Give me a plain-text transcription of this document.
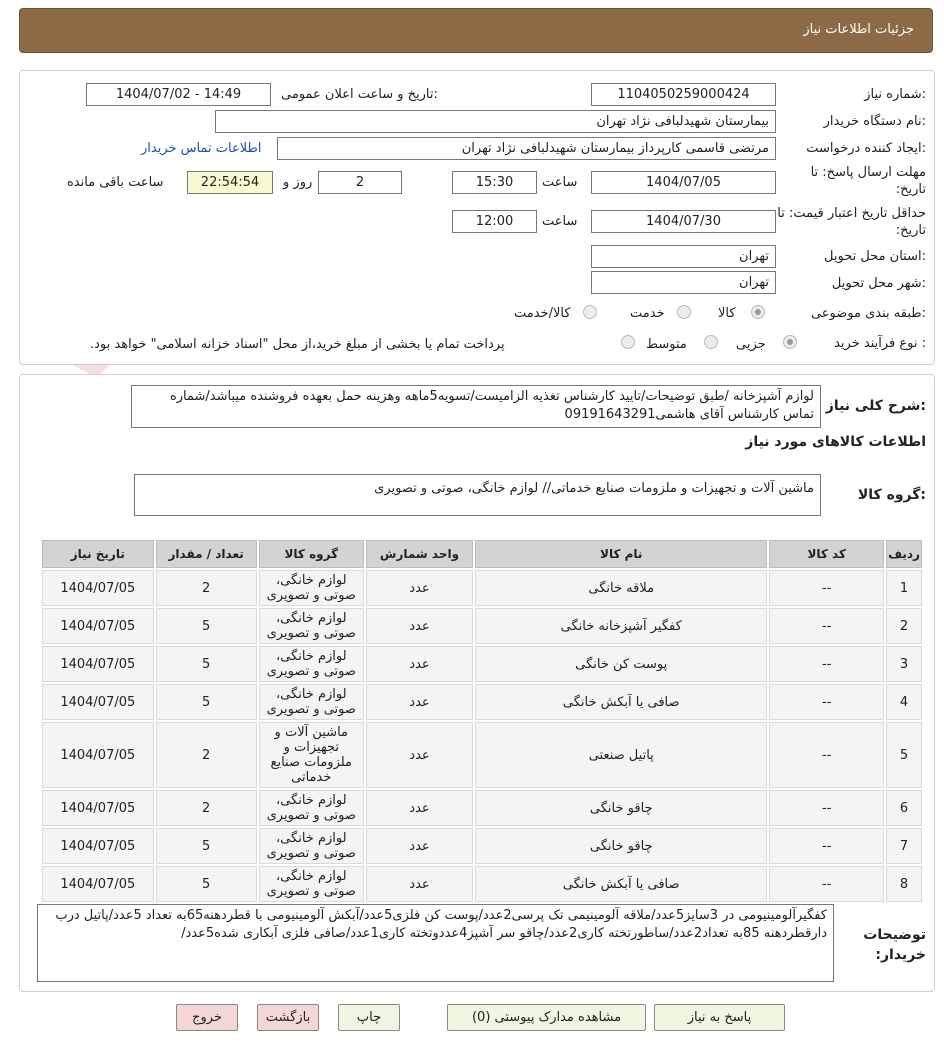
جزئیات اطلاعات نیاز
شماره نیاز:
1104050259000424
تاریخ و ساعت اعلان عمومی:
1404/07/02 - 14:49
نام دستگاه خریدار:
بیمارستان شهیدلبافی نژاد تهران
ایجاد کننده درخواست:
مرتضی قاسمی کارپرداز بیمارستان شهیدلبافی نژاد تهران
اطلاعات تماس خریدار
مهلت ارسال پاسخ: تا تاریخ:
1404/07/05
ساعت
15:30
2
روز و
22:54:54
ساعت باقی مانده
حداقل تاریخ اعتبار قیمت: تا تاریخ:
1404/07/30
ساعت
12:00
استان محل تحویل:
تهران
شهر محل تحویل:
تهران
طبقه بندی موضوعی:
کالا
خدمت
کالا/خدمت
نوع فرآیند خرید :
جزیی
متوسط
پرداخت تمام یا بخشی از مبلغ خرید،از محل "اسناد خزانه اسلامی" خواهد بود.
شرح کلی نیاز:
لوازم آشپزخانه /طبق توضیحات/تایید کارشناس تغذیه الزامیست/تسویه5ماهه وهزینه حمل بعهده فروشنده میباشد/شماره تماس کارشناس آقای هاشمی09191643291
اطلاعات کالاهای مورد نیاز
گروه کالا:
ماشین آلات و تجهیزات و ملزومات صنایع خدماتی// لوازم خانگی، صوتی و تصویری
ردیف	کد کالا	نام کالا	واحد شمارش	گروه کالا	تعداد / مقدار	تاریخ نیاز
1	--	ملاقه خانگی	عدد	لوازم خانگی، صوتی و تصویری	2	1404/07/05
2	--	کفگیر آشپزخانه خانگی	عدد	لوازم خانگی، صوتی و تصویری	5	1404/07/05
3	--	پوست کن خانگی	عدد	لوازم خانگی، صوتی و تصویری	5	1404/07/05
4	--	صافی یا آبکش خانگی	عدد	لوازم خانگی، صوتی و تصویری	5	1404/07/05
5	--	پاتیل صنعتی	عدد	ماشین آلات و تجهیزات و ملزومات صنایع خدماتی	2	1404/07/05
6	--	چاقو خانگی	عدد	لوازم خانگی، صوتی و تصویری	2	1404/07/05
7	--	چاقو خانگی	عدد	لوازم خانگی، صوتی و تصویری	5	1404/07/05
8	--	صافی یا آبکش خانگی	عدد	لوازم خانگی، صوتی و تصویری	5	1404/07/05
توضیحات خریدار:
کفگیرآلومینیومی در 3سایز5عدد/ملاقه آلومینیمی تک پرسی2عدد/پوست کن فلزی5عدد/آبکش آلومینیومی با قطردهنه65به تعداد 5عدد/پاتیل درب دارقطردهنه 85به تعداد2عدد/ساطورتخته کاری2عدد/چاقو سر آشپز4عددوتخته کاری1عدد/صافی فلزی آبکاری شده5عدد/
پاسخ به نیاز
مشاهده مدارک پیوستی (0)
چاپ
بازگشت
خروج
